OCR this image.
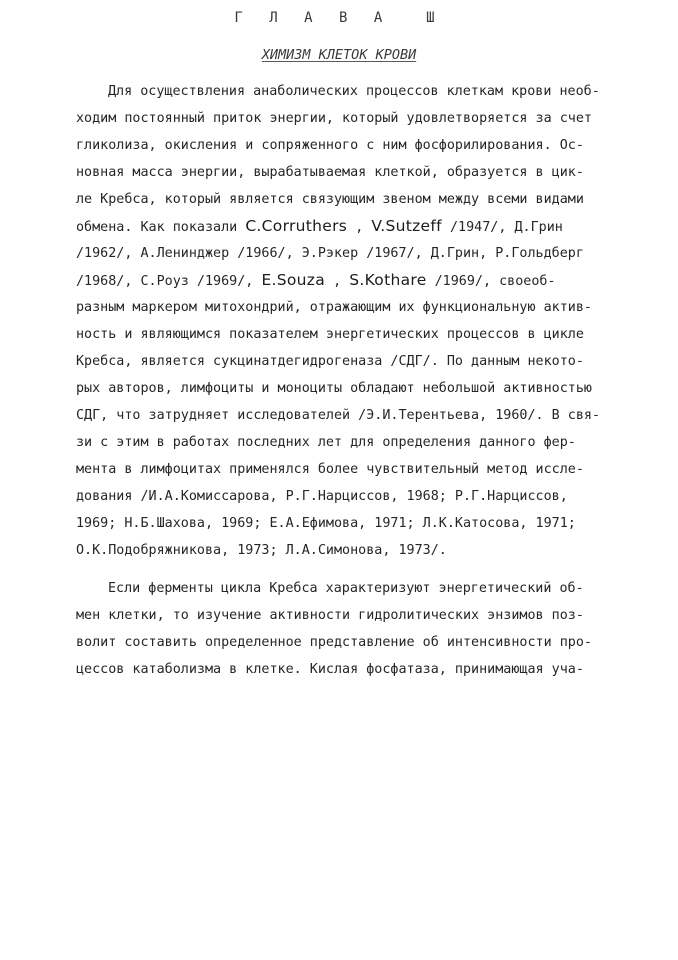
Г Л А В А  Ш
ХИМИЗМ КЛЕТОК КРОВИ
Для осуществления анаболических процессов клеткам крови необ-
ходим постоянный приток энергии, который удовлетворяется за счет
гликолиза, окисления и сопряженного с ним фосфорилирования. Ос-
новная масса энергии, вырабатываемая клеткой, образуется в цик-
ле Кребса, который является связующим звеном между всеми видами
обмена. Как показали C.Corruthers , V.Sutzeff /1947/, Д.Грин
/1962/, А.Ленинджер /1966/, Э.Рэкер /1967/, Д.Грин, Р.Гольдберг
/1968/, С.Роуз /1969/, E.Souza , S.Kothare /1969/, своеоб-
разным маркером митохондрий, отражающим их функциональную актив-
ность и являющимся показателем энергетических процессов в цикле
Кребса, является сукцинатдегидрогеназа /СДГ/. По данным некото-
рых авторов, лимфоциты и моноциты обладают небольшой активностью
СДГ, что затрудняет исследователей /Э.И.Терентьева, 1960/. В свя-
зи с этим в работах последних лет для определения данного фер-
мента в лимфоцитах применялся более чувствительный метод иссле-
дования /И.А.Комиссарова, Р.Г.Нарциссов, 1968; Р.Г.Нарциссов,
1969; Н.Б.Шахова, 1969; Е.А.Ефимова, 1971; Л.К.Катосова, 1971;
О.К.Подобряжникова, 1973; Л.А.Симонова, 1973/.
Если ферменты цикла Кребса характеризуют энергетический об-
мен клетки, то изучение активности гидролитических энзимов поз-
волит составить определенное представление об интенсивности про-
цессов катаболизма в клетке. Кислая фосфатаза, принимающая уча-
